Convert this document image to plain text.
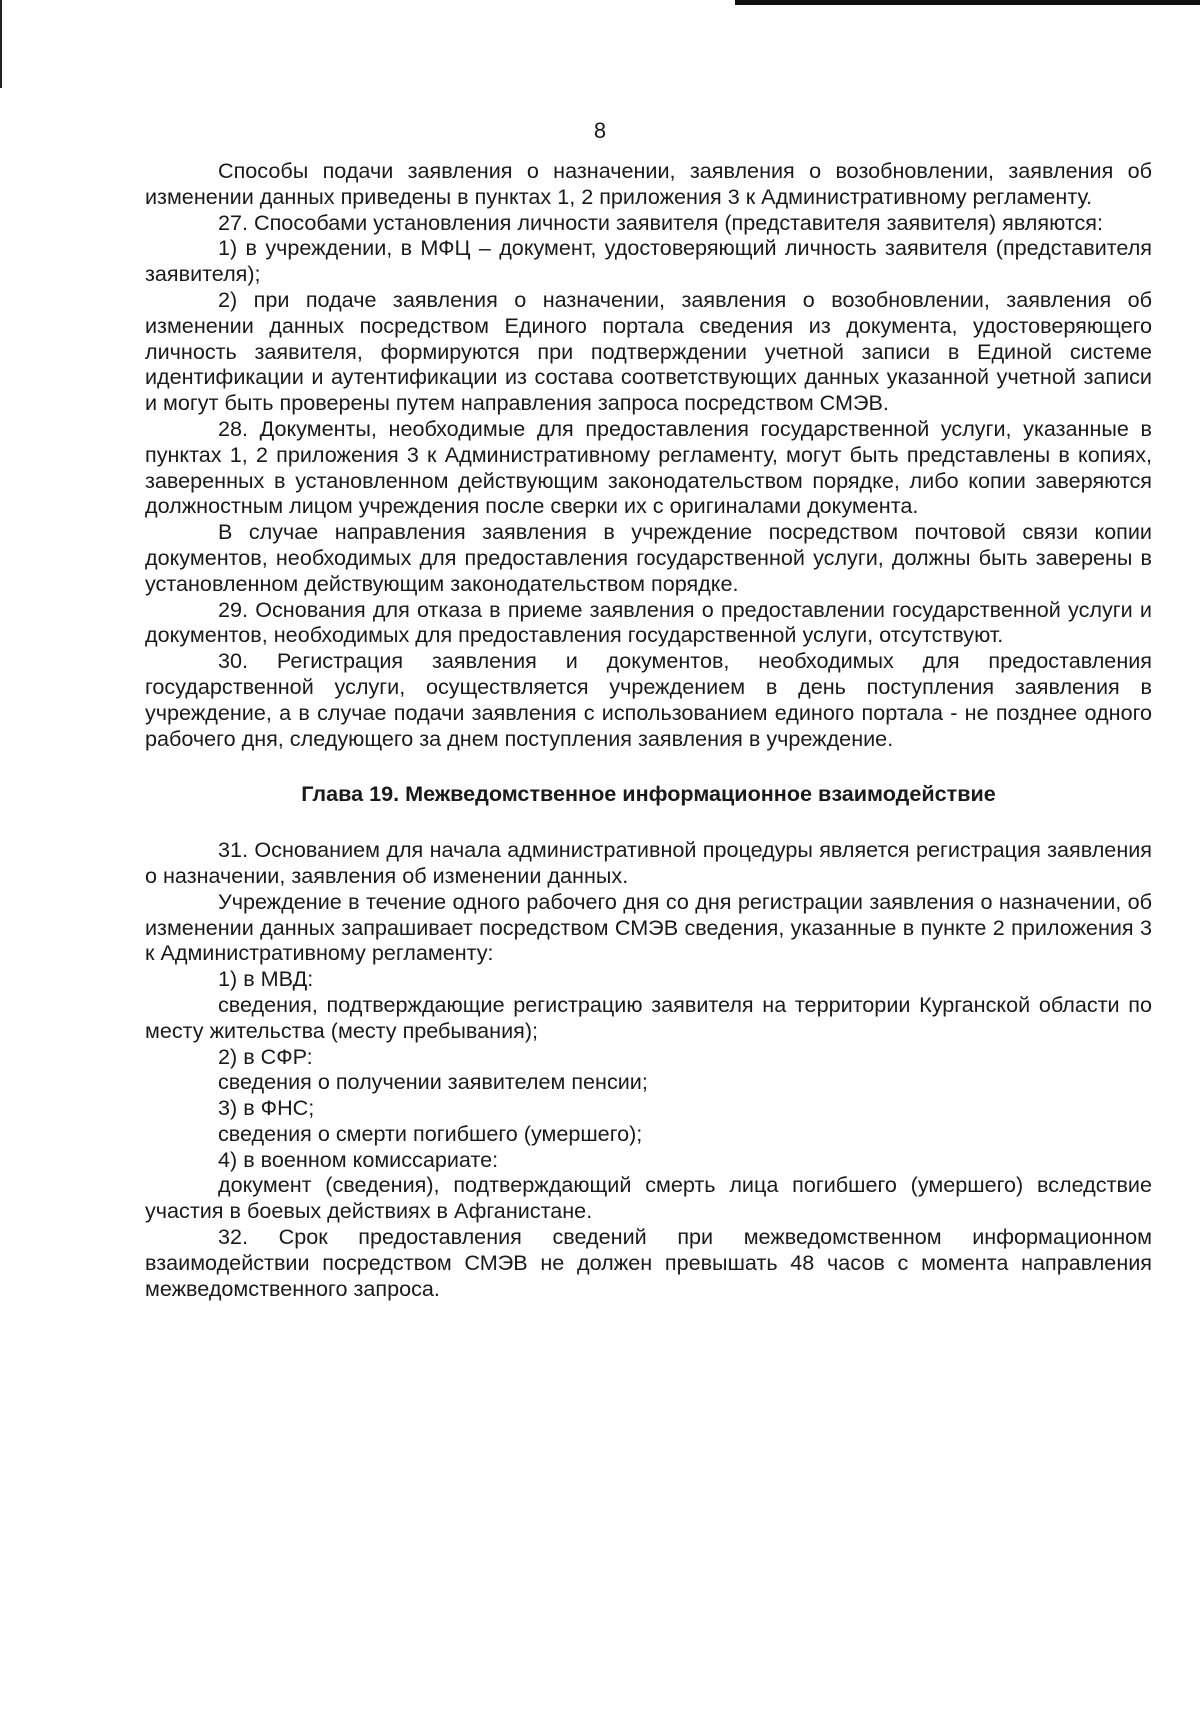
8

Способы подачи заявления о назначении, заявления о возобновлении, заявления об изменении данных приведены в пунктах 1, 2 приложения 3 к Административному регламенту.

27. Способами установления личности заявителя (представителя заявителя) являются:

1) в учреждении, в МФЦ – документ, удостоверяющий личность заявителя (представителя заявителя);

2) при подаче заявления о назначении, заявления о возобновлении, заявления об изменении данных посредством Единого портала сведения из документа, удостоверяющего личность заявителя, формируются при подтверждении учетной записи в Единой системе идентификации и аутентификации из состава соответствующих данных указанной учетной записи и могут быть проверены путем направления запроса посредством СМЭВ.

28. Документы, необходимые для предоставления государственной услуги, указанные в пунктах 1, 2 приложения 3 к Административному регламенту, могут быть представлены в копиях, заверенных в установленном действующим законодательством порядке, либо копии заверяются должностным лицом учреждения после сверки их с оригиналами документа.

В случае направления заявления в учреждение посредством почтовой связи копии документов, необходимых для предоставления государственной услуги, должны быть заверены в установленном действующим законодательством порядке.

29. Основания для отказа в приеме заявления о предоставлении государственной услуги и документов, необходимых для предоставления государственной услуги, отсутствуют.

30. Регистрация заявления и документов, необходимых для предоставления государственной услуги, осуществляется учреждением в день поступления заявления в учреждение, а в случае подачи заявления с использованием единого портала - не позднее одного рабочего дня, следующего за днем поступления заявления в учреждение.

Глава 19. Межведомственное информационное взаимодействие

31. Основанием для начала административной процедуры является регистрация заявления о назначении, заявления об изменении данных.

Учреждение в течение одного рабочего дня со дня регистрации заявления о назначении, об изменении данных запрашивает посредством СМЭВ сведения, указанные в пункте 2 приложения 3 к Административному регламенту:

1) в МВД:

сведения, подтверждающие регистрацию заявителя на территории Курганской области по месту жительства (месту пребывания);

2) в СФР:

сведения о получении заявителем пенсии;

3) в ФНС;

сведения о смерти погибшего (умершего);

4) в военном комиссариате:

документ (сведения), подтверждающий смерть лица погибшего (умершего) вследствие участия в боевых действиях в Афганистане.

32. Срок предоставления сведений при межведомственном информационном взаимодействии посредством СМЭВ не должен превышать 48 часов с момента направления межведомственного запроса.
